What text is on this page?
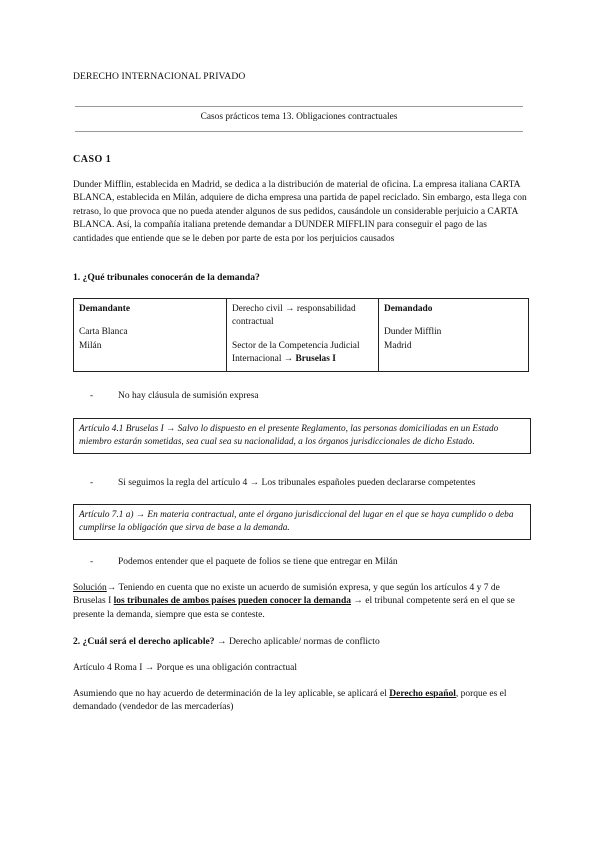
DERECHO INTERNACIONAL PRIVADO
Casos prácticos tema 13. Obligaciones contractuales
CASO 1
Dunder Mifflin, establecida en Madrid, se dedica a la distribución de material de oficina. La empresa italiana CARTA BLANCA, establecida en Milán, adquiere de dicha empresa una partida de papel reciclado. Sin embargo, esta llega con retraso, lo que provoca que no pueda atender algunos de sus pedidos, causándole un considerable perjuicio a CARTA BLANCA. Así, la compañía italiana pretende demandar a DUNDER MIFFLIN para conseguir el pago de las cantidades que entiende que se le deben por parte de esta por los perjuicios causados
1. ¿Qué tribunales conocerán de la demanda?
Demandante
Carta Blanca
Milán

Derecho civil → responsabilidad contractual
Sector de la Competencia Judicial Internacional → Bruselas I

Demandado
Dunder Mifflin
Madrid
-	No hay cláusula de sumisión expresa
Artículo 4.1 Bruselas I → Salvo lo dispuesto en el presente Reglamento, las personas domiciliadas en un Estado miembro estarán sometidas, sea cual sea su nacionalidad, a los órganos jurisdiccionales de dicho Estado.
-	Si seguimos la regla del artículo 4 → Los tribunales españoles pueden declararse competentes
Artículo 7.1 a) → En materia contractual, ante el órgano jurisdiccional del lugar en el que se haya cumplido o deba cumplirse la obligación que sirva de base a la demanda.
-	Podemos entender que el paquete de folios se tiene que entregar en Milán
Solución→ Teniendo en cuenta que no existe un acuerdo de sumisión expresa, y que según los artículos 4 y 7 de Bruselas I los tribunales de ambos países pueden conocer la demanda → el tribunal competente será en el que se presente la demanda, siempre que esta se conteste.
2. ¿Cuál será el derecho aplicable? → Derecho aplicable/ normas de conflicto
Artículo 4 Roma I → Porque es una obligación contractual
Asumiendo que no hay acuerdo de determinación de la ley aplicable, se aplicará el Derecho español, porque es el demandado (vendedor de las mercaderías)
